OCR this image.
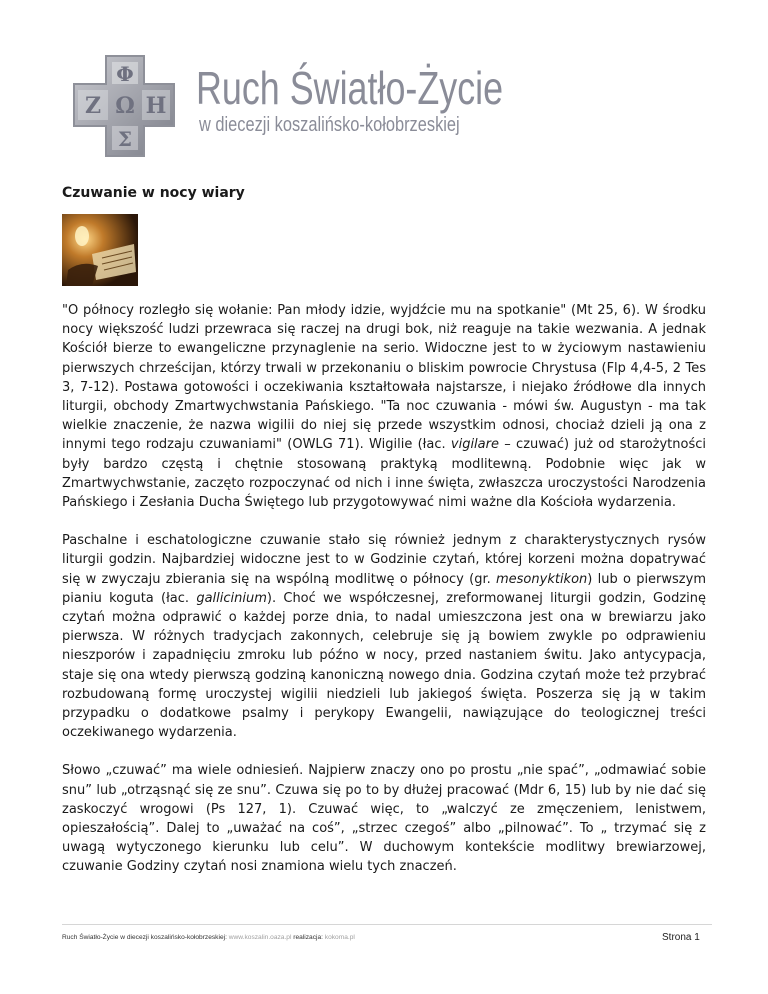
Φ
Ζ Ω Η
Σ
Ruch Światło-Życie
w diecezji koszalińsko-kołobrzeskiej
Czuwanie w nocy wiary

"O północy rozległo się wołanie: Pan młody idzie, wyjdźcie mu na spotkanie" (Mt 25, 6). W środku nocy większość ludzi przewraca się raczej na drugi bok, niż reaguje na takie wezwania. A jednak Kościół bierze to ewangeliczne przynaglenie na serio. Widoczne jest to w życiowym nastawieniu pierwszych chrześcijan, którzy trwali w przekonaniu o bliskim powrocie Chrystusa (Flp 4,4-5, 2 Tes 3, 7-12). Postawa gotowości i oczekiwania kształtowała najstarsze, i niejako źródłowe dla innych liturgii, obchody Zmartwychwstania Pańskiego. "Ta noc czuwania - mówi św. Augustyn - ma tak wielkie znaczenie, że nazwa wigilii do niej się przede wszystkim odnosi, chociaż dzieli ją ona z innymi tego rodzaju czuwaniami" (OWLG 71). Wigilie (łac. vigilare – czuwać) już od starożytności były bardzo częstą i chętnie stosowaną praktyką modlitewną. Podobnie więc jak w Zmartwychwstanie, zaczęto rozpoczynać od nich i inne święta, zwłaszcza uroczystości Narodzenia Pańskiego i Zesłania Ducha Świętego lub przygotowywać nimi ważne dla Kościoła wydarzenia.

Paschalne i eschatologiczne czuwanie stało się również jednym z charakterystycznych rysów liturgii godzin. Najbardziej widoczne jest to w Godzinie czytań, której korzeni można dopatrywać się w zwyczaju zbierania się na wspólną modlitwę o północy (gr. mesonyktikon) lub o pierwszym pianiu koguta (łac. gallicinium). Choć we współczesnej, zreformowanej liturgii godzin, Godzinę czytań można odprawić o każdej porze dnia, to nadal umieszczona jest ona w brewiarzu jako pierwsza. W różnych tradycjach zakonnych, celebruje się ją bowiem zwykle po odprawieniu nieszporów i zapadnięciu zmroku lub późno w nocy, przed nastaniem świtu. Jako antycypacja, staje się ona wtedy pierwszą godziną kanoniczną nowego dnia. Godzina czytań może też przybrać rozbudowaną formę uroczystej wigilii niedzieli lub jakiegoś święta. Poszerza się ją w takim przypadku o dodatkowe psalmy i perykopy Ewangelii, nawiązujące do teologicznej treści oczekiwanego wydarzenia.

Słowo „czuwać” ma wiele odniesień. Najpierw znaczy ono po prostu „nie spać”, „odmawiać sobie snu” lub „otrząsnąć się ze snu”. Czuwa się po to by dłużej pracować (Mdr 6, 15) lub by nie dać się zaskoczyć wrogowi (Ps 127, 1). Czuwać więc, to „walczyć ze zmęczeniem, lenistwem, opieszałością”. Dalej to „uważać na coś”, „strzec czegoś” albo „pilnować”. To „ trzymać się z uwagą wytyczonego kierunku lub celu”. W duchowym kontekście modlitwy brewiarzowej, czuwanie Godziny czytań nosi znamiona wielu tych znaczeń.

Ruch Światło-Życie w diecezji koszalińsko-kołobrzeskiej: www.koszalin.oaza.pl realizacja: kokoma.pl	Strona 1
